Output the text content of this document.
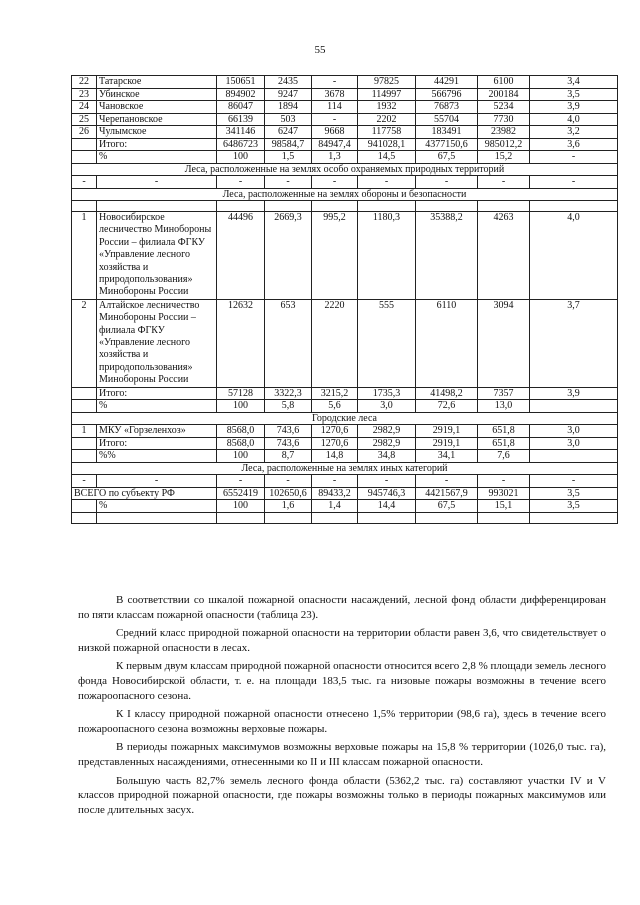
55
22	Татарское	150651	2435	-	97825	44291	6100	3,4
23	Убинское	894902	9247	3678	114997	566796	200184	3,5
24	Чановское	86047	1894	114	1932	76873	5234	3,9
25	Черепановское	66139	503	-	2202	55704	7730	4,0
26	Чулымское	341146	6247	9668	117758	183491	23982	3,2
	Итого:	6486723	98584,7	84947,4	941028,1	4377150,6	985012,2	3,6
	%	100	1,5	1,3	14,5	67,5	15,2	-
Леса, расположенные на землях особо охраняемых природных территорий								
-	-	-	-	-	-	-	-	-
Леса, расположенные на землях обороны и безопасности								

1	Новосибирское лесничество Минобороны России – филиала ФГКУ «Управление лесного хозяйства и природопользования» Минобороны России	44496	2669,3	995,2	1180,3	35388,2	4263	4,0
2	Алтайское лесничество Минобороны России – филиала ФГКУ «Управление лесного хозяйства и природопользования» Минобороны России	12632	653	2220	555	6110	3094	3,7
	Итого:	57128	3322,3	3215,2	1735,3	41498,2	7357	3,9
	%	100	5,8	5,6	3,0	72,6	13,0	
Городские леса								
1	МКУ «Горзеленхоз»	8568,0	743,6	1270,6	2982,9	2919,1	651,8	3,0
	Итого:	8568,0	743,6	1270,6	2982,9	2919,1	651,8	3,0
	%%	100	8,7	14,8	34,8	34,1	7,6	
Леса, расположенные на землях иных категорий								
-	-	-	-	-	-	-	-	-
ВСЕГО по субъекту РФ		6552419	102650,6	89433,2	945746,3	4421567,9	993021	3,5
	%	100	1,6	1,4	14,4	67,5	15,1	3,5

В соответствии со шкалой пожарной опасности насаждений, лесной фонд области дифференцирован по пяти классам пожарной опасности (таблица 23).

Средний класс природной пожарной опасности на территории области равен 3,6, что свидетельствует о низкой пожарной опасности в лесах.

К первым двум классам природной пожарной опасности относится всего 2,8 % площади земель лесного фонда Новосибирской области, т. е. на площади 183,5 тыс. га низовые пожары возможны в течение всего пожароопасного сезона.

К I классу природной пожарной опасности отнесено 1,5% территории (98,6 га), здесь в течение всего пожароопасного сезона возможны верховые пожары.

В периоды пожарных максимумов возможны верховые пожары на 15,8 % территории (1026,0 тыс. га), представленных насаждениями, отнесенными ко II и III классам пожарной опасности.

Большую часть 82,7% земель лесного фонда области (5362,2 тыс. га) составляют участки IV и V классов природной пожарной опасности, где пожары возможны только в периоды пожарных максимумов или после длительных засух.
